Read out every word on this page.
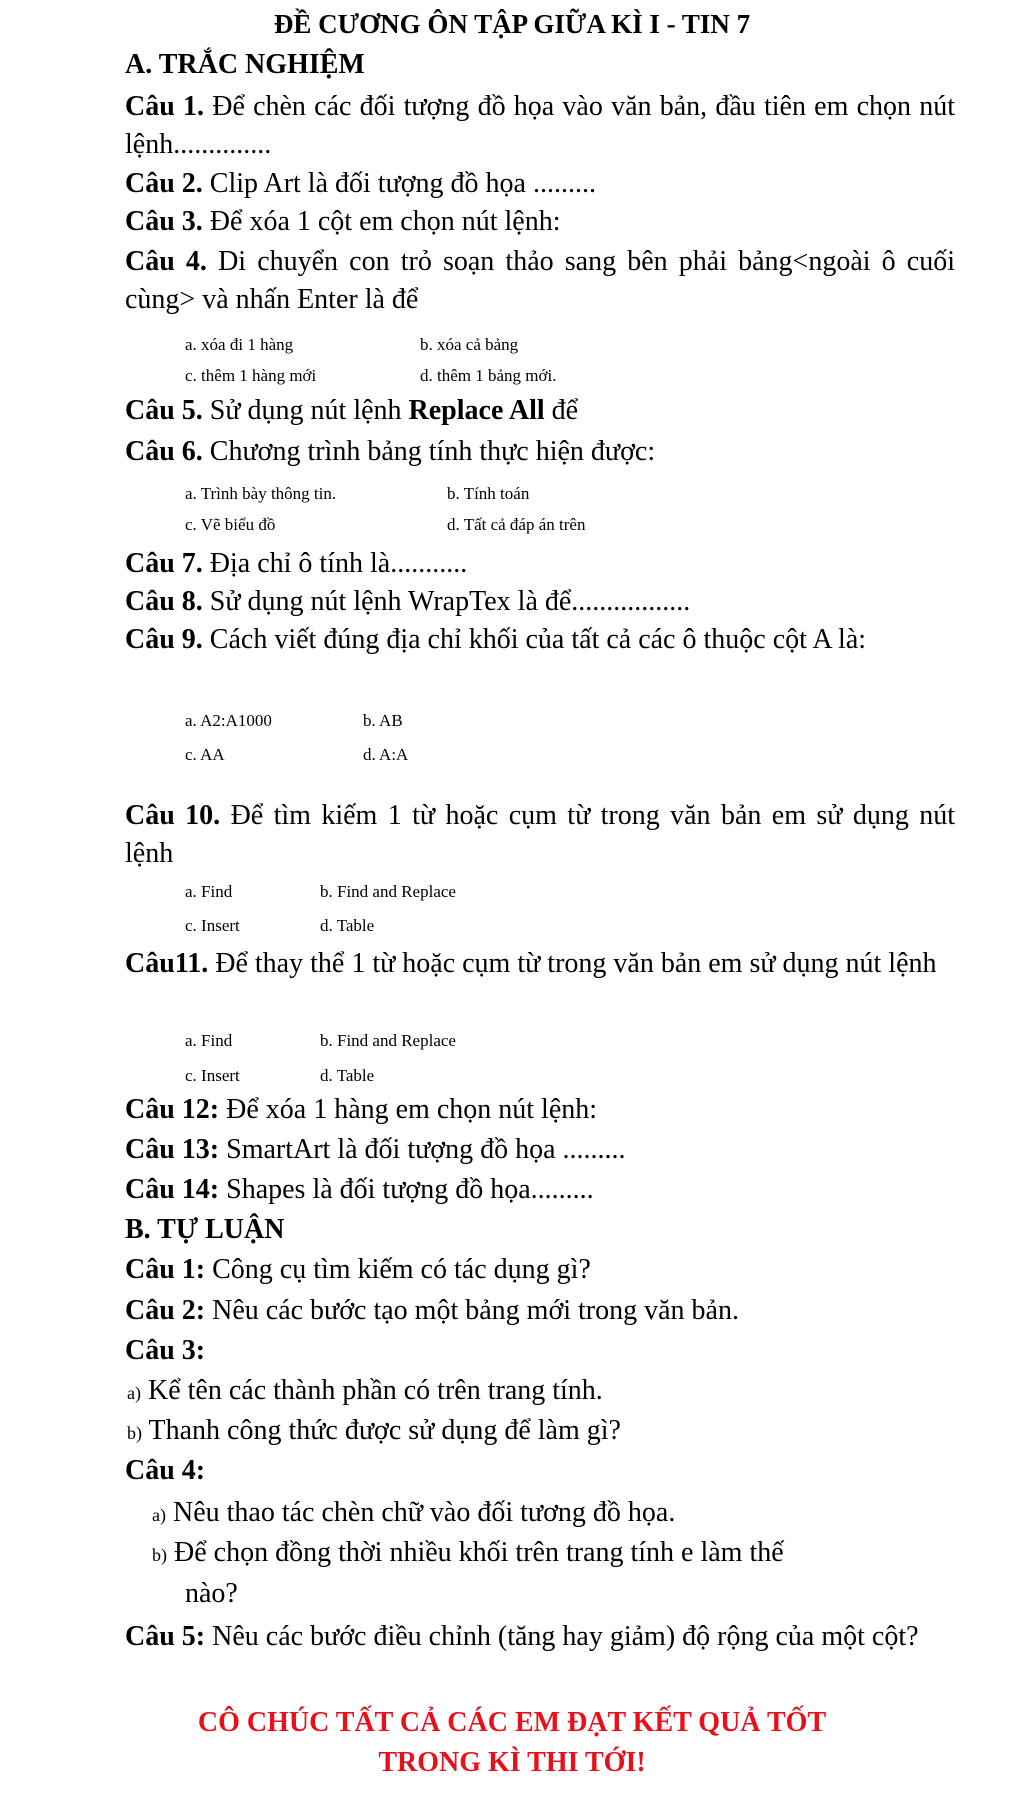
ĐỀ CƯƠNG ÔN TẬP GIỮA KÌ I - TIN 7
A. TRẮC NGHIỆM
Câu 1. Để chèn các đối tượng đồ họa vào văn bản, đầu tiên em chọn nút lệnh..............
Câu 2. Clip Art là đối tượng đồ họa .........
Câu 3. Để xóa 1 cột em chọn nút lệnh:
Câu 4. Di chuyển con trỏ soạn thảo sang bên phải bảng<ngoài ô cuối cùng> và nhấn Enter là để
a. xóa đi 1 hàng	b. xóa cả bảng
c. thêm 1 hàng mới	d. thêm 1 bảng mới.
Câu 5. Sử dụng nút lệnh Replace All để
Câu 6. Chương trình bảng tính thực hiện được:
a. Trình bày thông tin.	b. Tính toán
c. Vẽ biểu đồ	d. Tất cả đáp án trên
Câu 7. Địa chỉ ô tính là...........
Câu 8. Sử dụng nút lệnh WrapTex là để.................
Câu 9. Cách viết đúng địa chỉ khối của tất cả các ô thuộc cột A là:
a. A2:A1000	b. AB
c. AA	d. A:A
Câu 10. Để tìm kiếm 1 từ hoặc cụm từ trong văn bản em sử dụng nút lệnh
a. Find	b. Find and Replace
c. Insert	d. Table
Câu11. Để thay thể 1 từ hoặc cụm từ trong văn bản em sử dụng nút lệnh
a. Find	b. Find and Replace
c. Insert	d. Table
Câu 12: Để xóa 1 hàng em chọn nút lệnh:
Câu 13: SmartArt là đối tượng đồ họa .........
Câu 14: Shapes là đối tượng đồ họa.........
B. TỰ LUẬN
Câu 1: Công cụ tìm kiếm có tác dụng gì?
Câu 2: Nêu các bước tạo một bảng mới trong văn bản.
Câu 3:
a) Kể tên các thành phần có trên trang tính.
b) Thanh công thức được sử dụng để làm gì?
Câu 4:
a) Nêu thao tác chèn chữ vào đối tương đồ họa.
b) Để chọn đồng thời nhiều khối trên trang tính e làm thế
nào?
Câu 5: Nêu các bước điều chỉnh (tăng hay giảm) độ rộng của một cột?
CÔ CHÚC TẤT CẢ CÁC EM ĐẠT KẾT QUẢ TỐT
TRONG KÌ THI TỚI!
